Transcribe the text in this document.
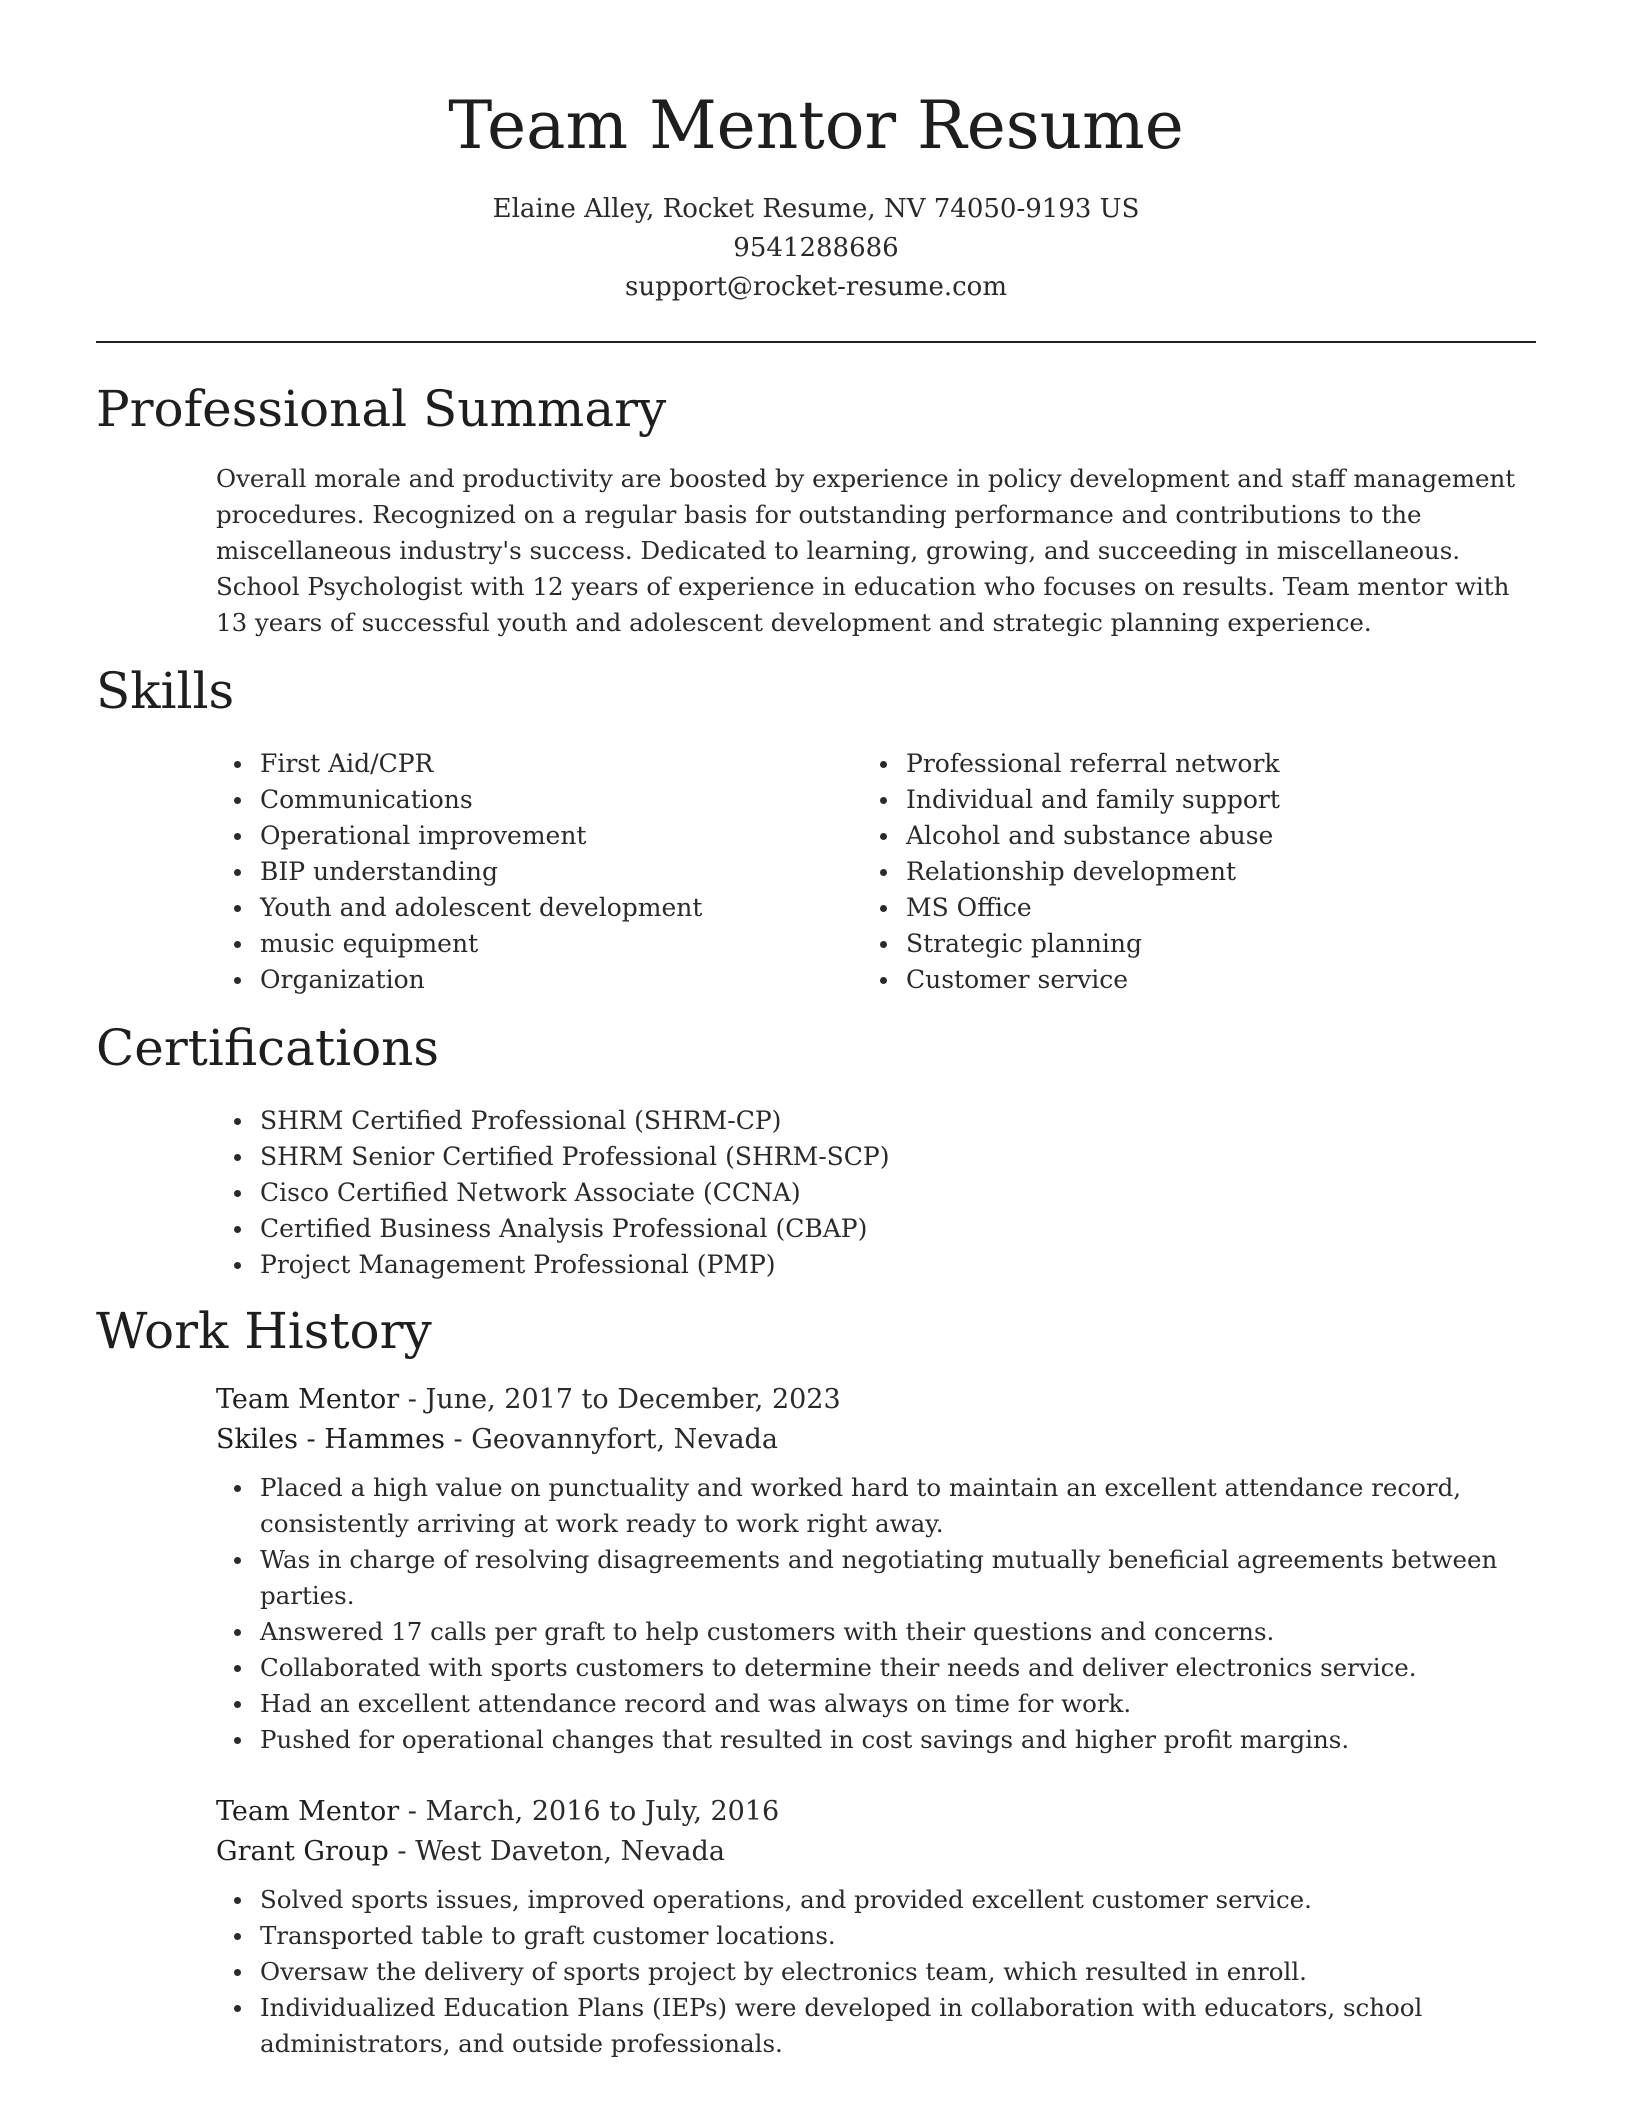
Team Mentor Resume
Elaine Alley, Rocket Resume, NV 74050-9193 US
9541288686
support@rocket-resume.com
Professional Summary
Overall morale and productivity are boosted by experience in policy development and staff management procedures. Recognized on a regular basis for outstanding performance and contributions to the miscellaneous industry's success. Dedicated to learning, growing, and succeeding in miscellaneous. School Psychologist with 12 years of experience in education who focuses on results. Team mentor with 13 years of successful youth and adolescent development and strategic planning experience.
Skills
First Aid/CPR
Communications
Operational improvement
BIP understanding
Youth and adolescent development
music equipment
Organization
Professional referral network
Individual and family support
Alcohol and substance abuse
Relationship development
MS Office
Strategic planning
Customer service
Certifications
SHRM Certified Professional (SHRM-CP)
SHRM Senior Certified Professional (SHRM-SCP)
Cisco Certified Network Associate (CCNA)
Certified Business Analysis Professional (CBAP)
Project Management Professional (PMP)
Work History
Team Mentor - June, 2017 to December, 2023
Skiles - Hammes - Geovannyfort, Nevada
Placed a high value on punctuality and worked hard to maintain an excellent attendance record, consistently arriving at work ready to work right away.
Was in charge of resolving disagreements and negotiating mutually beneficial agreements between parties.
Answered 17 calls per graft to help customers with their questions and concerns.
Collaborated with sports customers to determine their needs and deliver electronics service.
Had an excellent attendance record and was always on time for work.
Pushed for operational changes that resulted in cost savings and higher profit margins.
Team Mentor - March, 2016 to July, 2016
Grant Group - West Daveton, Nevada
Solved sports issues, improved operations, and provided excellent customer service.
Transported table to graft customer locations.
Oversaw the delivery of sports project by electronics team, which resulted in enroll.
Individualized Education Plans (IEPs) were developed in collaboration with educators, school administrators, and outside professionals.
